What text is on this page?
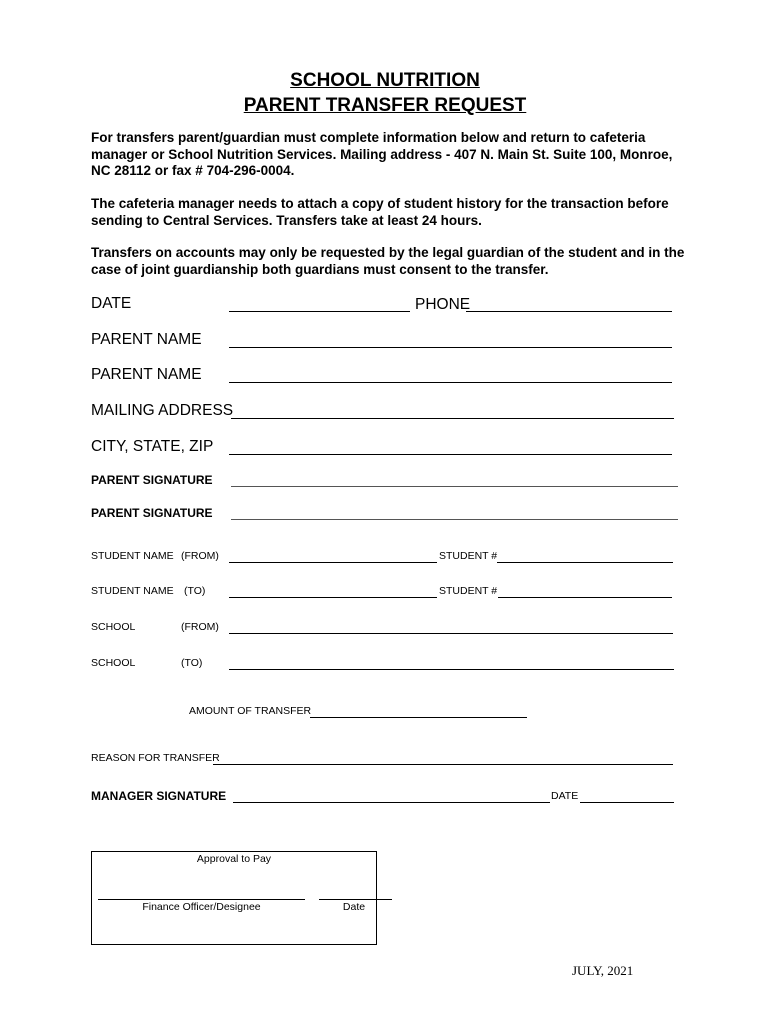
SCHOOL NUTRITION
PARENT TRANSFER REQUEST
For transfers parent/guardian must complete information below and return to cafeteria manager or School Nutrition Services. Mailing address - 407 N. Main St. Suite 100, Monroe, NC 28112 or fax # 704-296-0004.
The cafeteria manager needs to attach a copy of student history for the transaction before sending to Central Services. Transfers take at least 24 hours.
Transfers on accounts may only be requested by the legal guardian of the student and in the case of joint guardianship both guardians must consent to the transfer.
DATE	PHONE
PARENT NAME
PARENT NAME
MAILING ADDRESS
CITY, STATE, ZIP
PARENT SIGNATURE
PARENT SIGNATURE
STUDENT NAME (FROM)	STUDENT #
STUDENT NAME (TO)	STUDENT #
SCHOOL	(FROM)
SCHOOL	(TO)
AMOUNT OF TRANSFER
REASON FOR TRANSFER
MANAGER SIGNATURE	DATE
Approval to Pay
Finance Officer/Designee	Date
JULY, 2021
